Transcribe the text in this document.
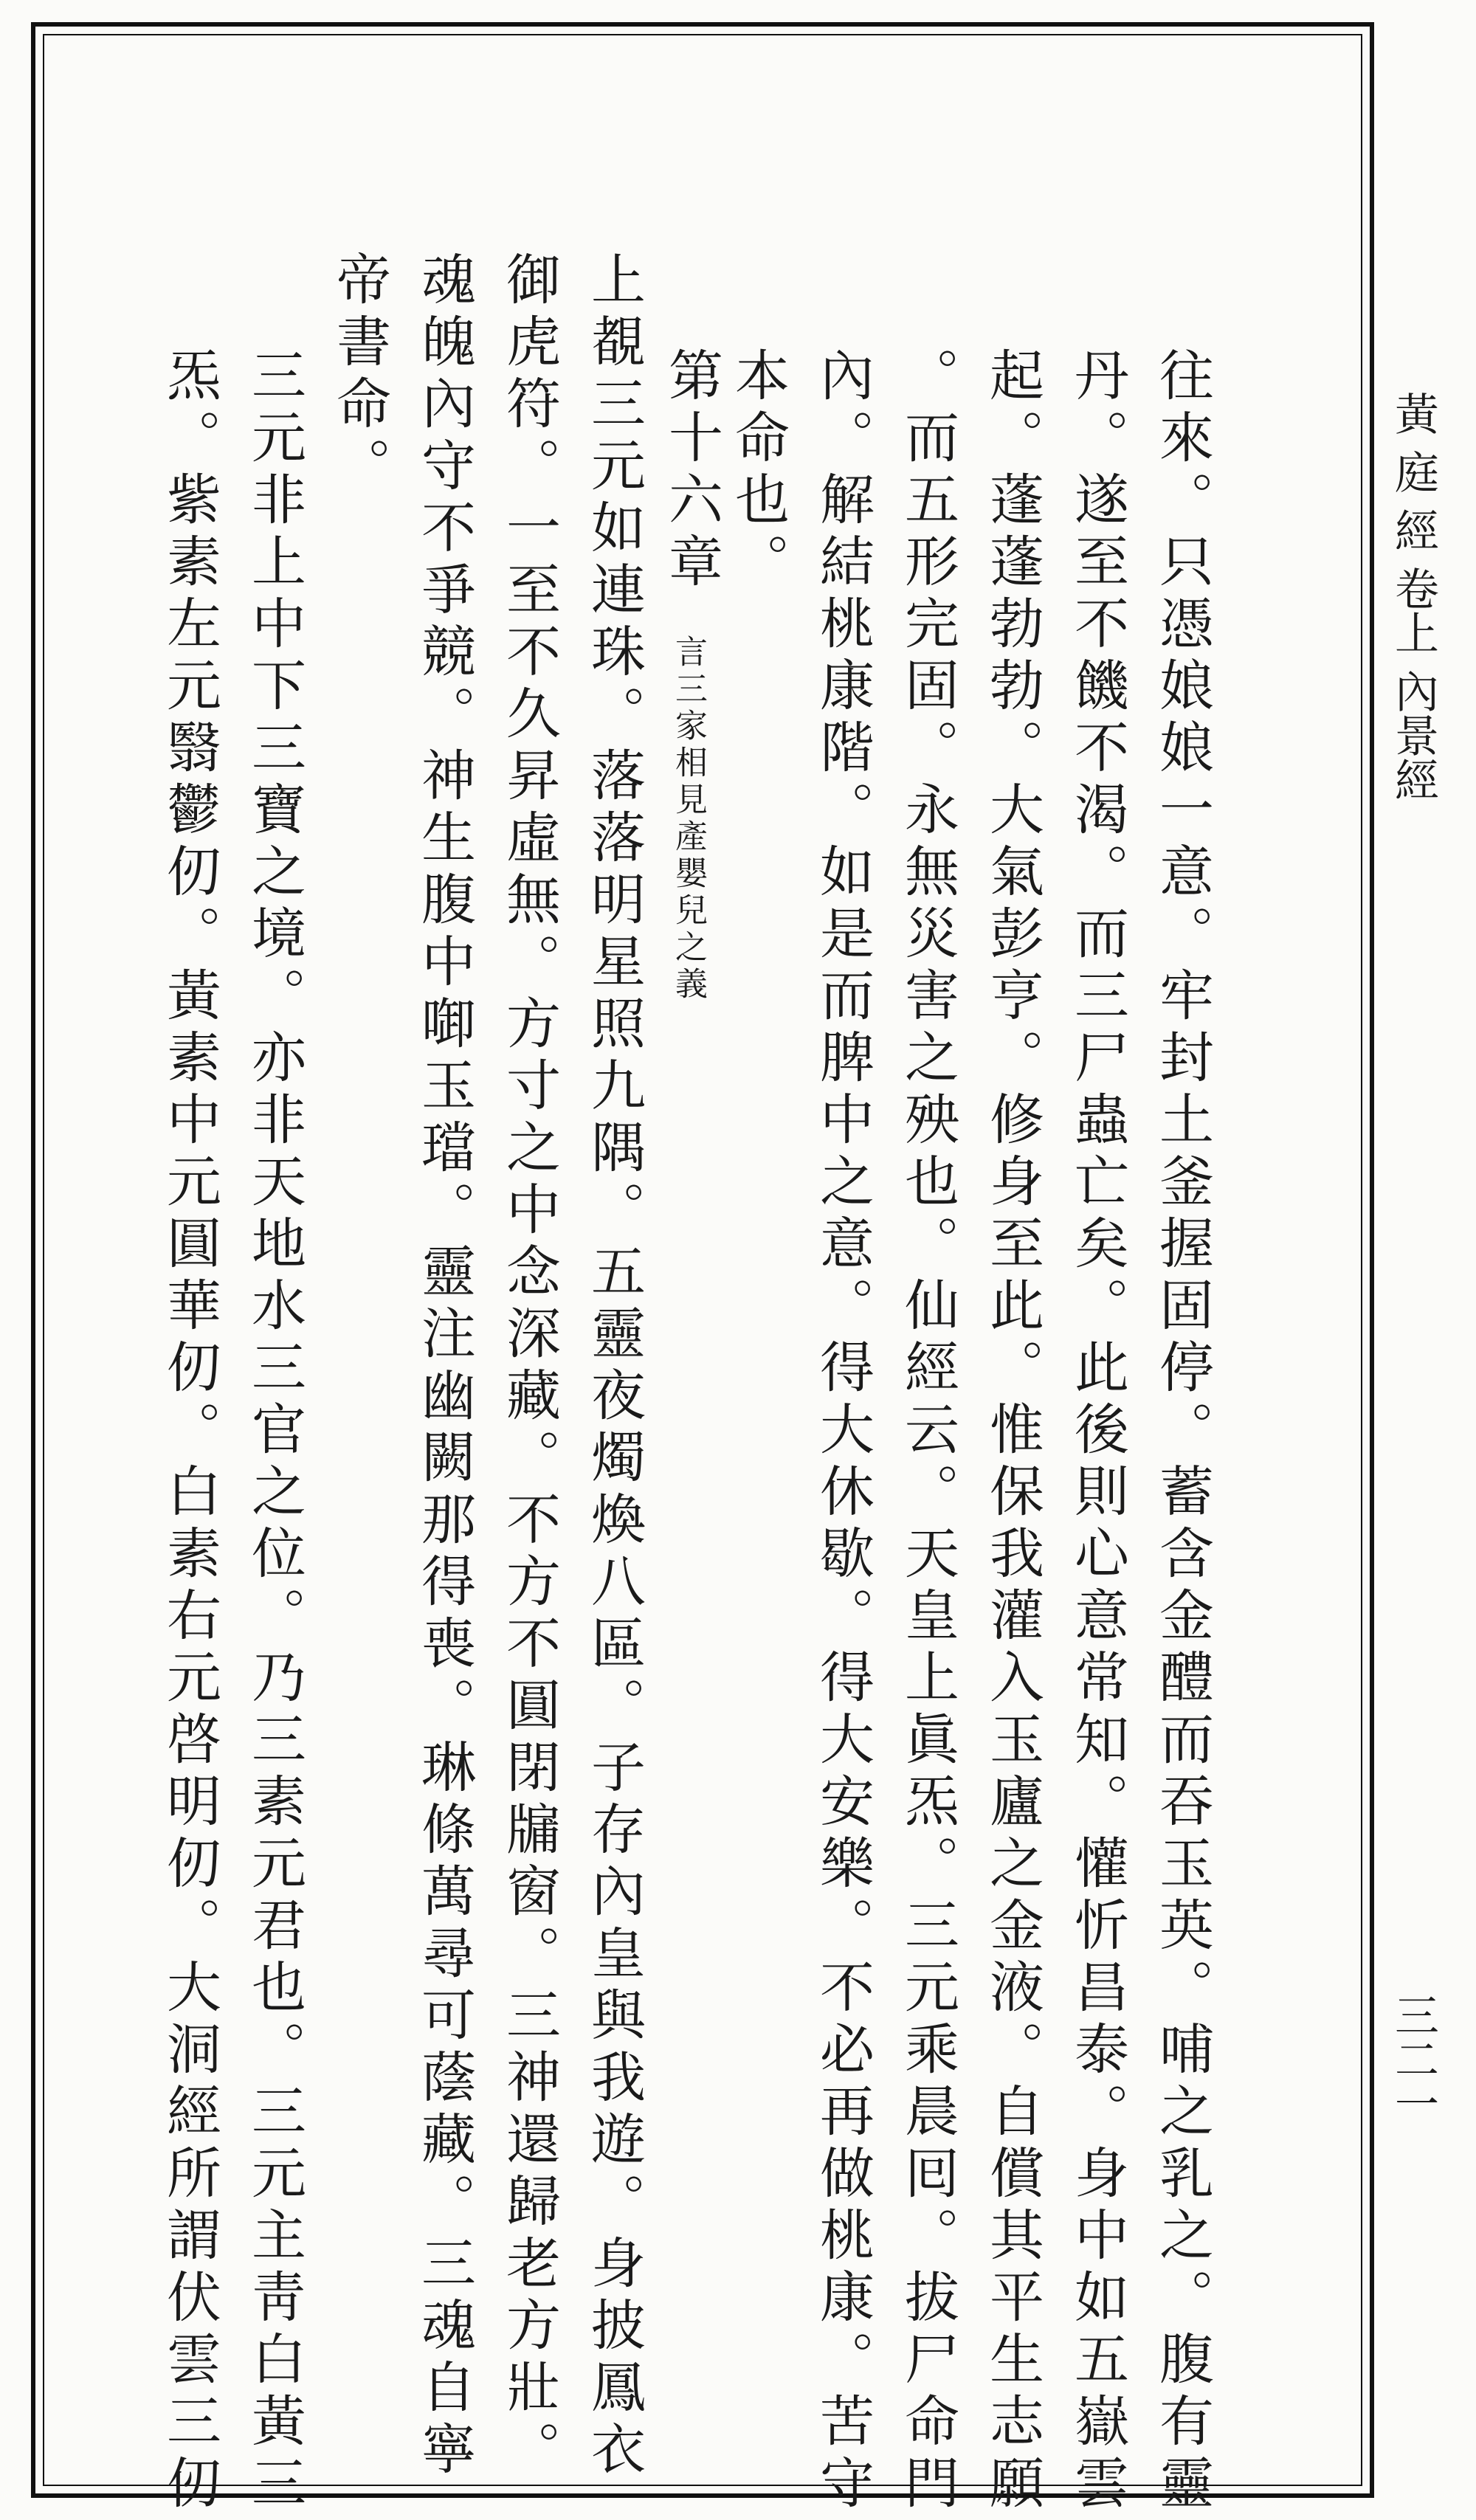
黃 庭 經 卷上 內景經
三二一
往來。只憑娘娘一意。牢封土釜握固停。蓄含金醴而吞玉英。哺之乳之。腹有靈
丹。遂至不饑不渴。而三尸蟲亡矣。此後則心意常知。懽忻昌泰。身中如五嶽雲
起。蓬蓬勃勃。大氣彭亨。修身至此。惟保我灌入玉廬之金液。自償其平生志願
。而五形完固。永無災害之殃也。仙經云。天皇上眞炁。三元乘晨囘。拔尸命門
內。解結桃康階。如是而脾中之意。得大休歇。得大安樂。不必再做桃康。苦守
本命也。
第十六章
言三家相見產嬰兒之義
上覩三元如連珠。落落明星照九隅。五靈夜燭煥八區。子存內皇與我遊。身披鳳衣
御虎符。一至不久昇虛無。方寸之中念深藏。不方不圓閉牖窗。三神還歸老方壯。
魂魄內守不爭競。神生腹中啣玉璫。靈注幽闕那得喪。琳條萬尋可蔭藏。三魂自寧
帝書命。
三元非上中下三寶之境。亦非天地水三官之位。乃三素元君也。三元主靑白黃三
炁。紫素左元翳鬱仞。黃素中元圓華仞。白素右元啓明仞。大洞經所謂伏雲三仞
